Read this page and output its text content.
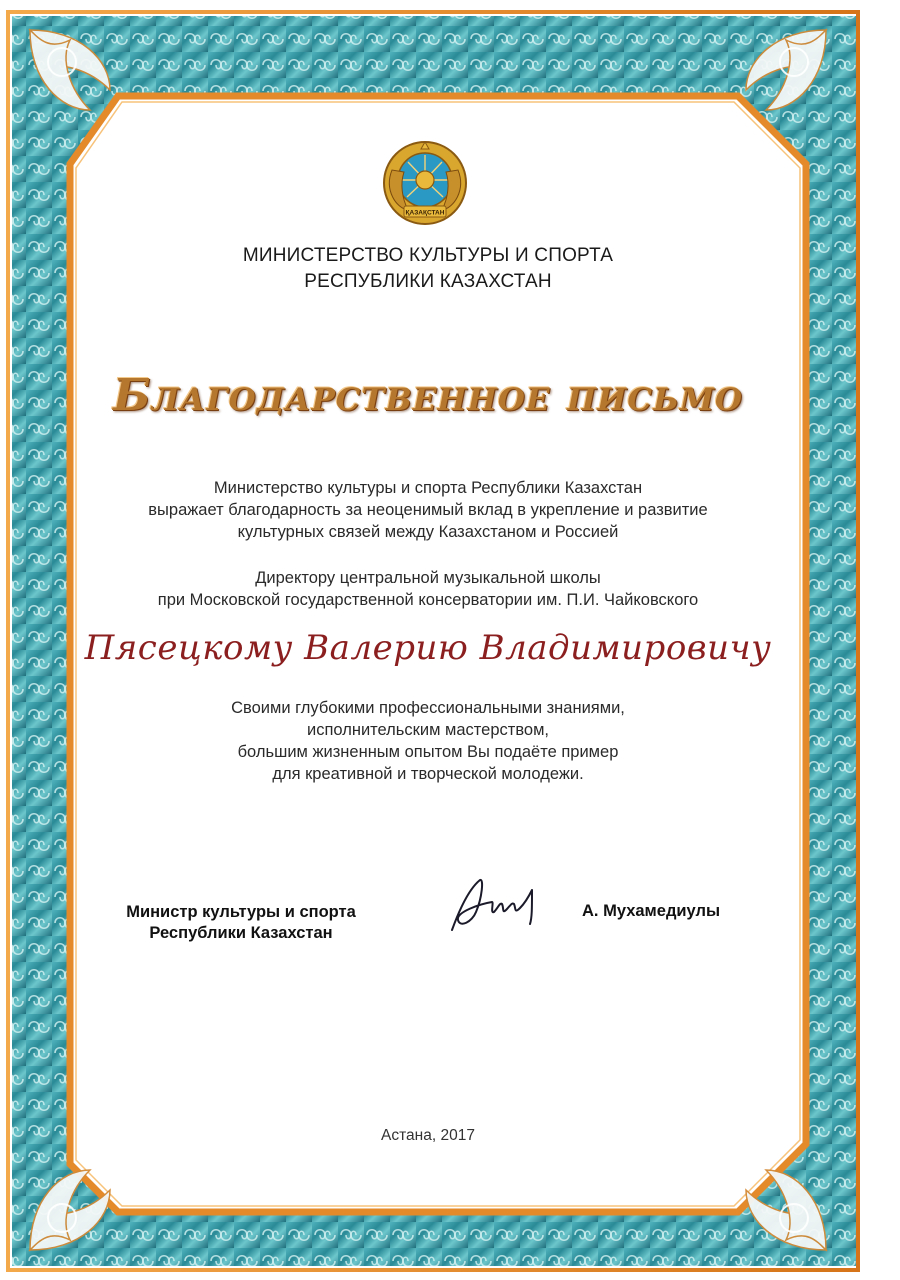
ҚАЗАҚСТАН
МИНИСТЕРСТВО КУЛЬТУРЫ И СПОРТА
РЕСПУБЛИКИ КАЗАХСТАН
Благодарственное письмо
Министерство культуры и спорта Республики Казахстан
выражает благодарность за неоценимый вклад в укрепление и развитие
культурных связей между Казахстаном и Россией
Директору центральной музыкальной школы
при Московской государственной консерватории им. П.И. Чайковского
Пясецкому Валерию Владимировичу
Своими глубокими профессиональными знаниями,
исполнительским мастерством,
большим жизненным опытом Вы подаёте пример
для креативной и творческой молодежи.
Министр культуры и спорта
Республики Казахстан
А. Мухамедиулы
Астана, 2017
